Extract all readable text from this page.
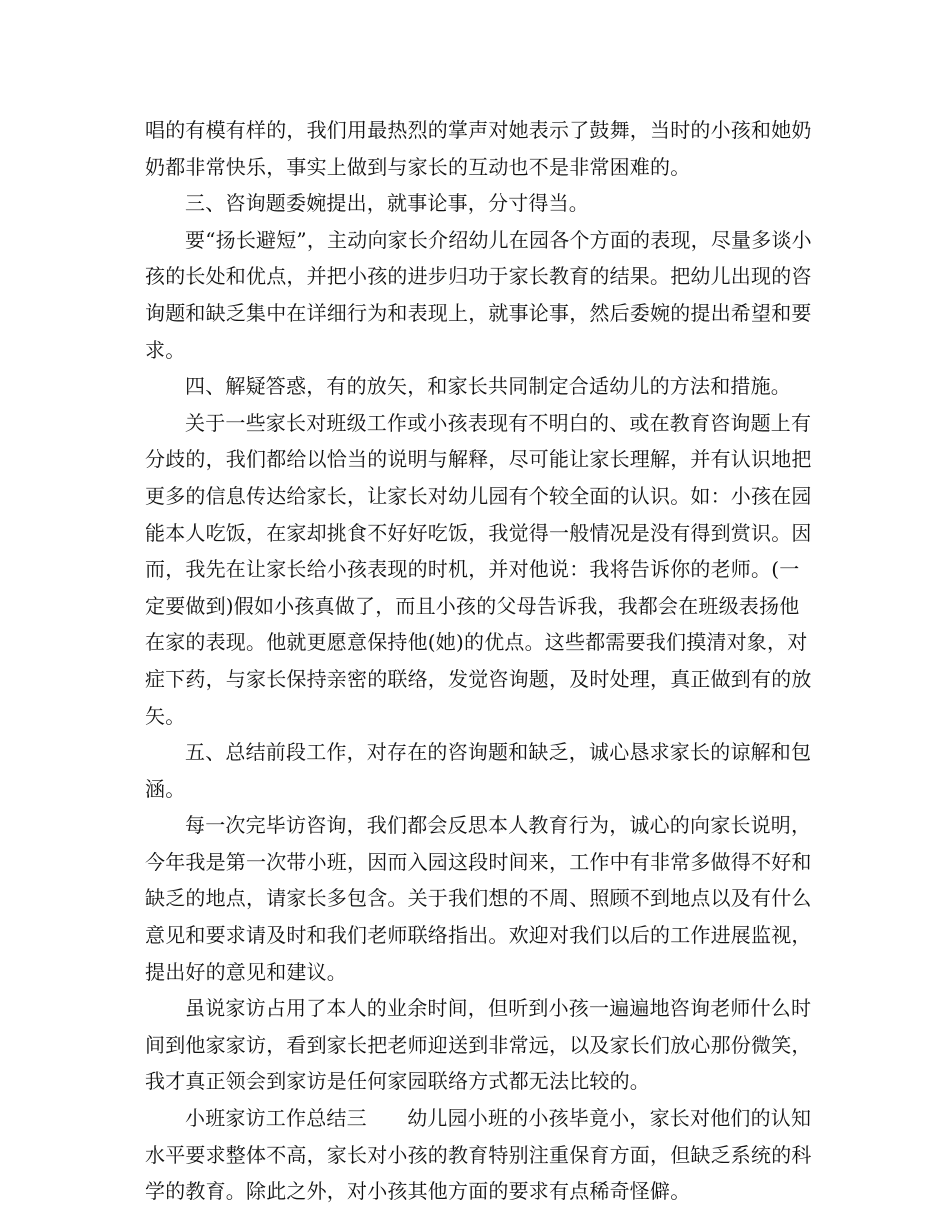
唱的有模有样的，我们用最热烈的掌声对她表示了鼓舞，当时的小孩和她奶奶都非常快乐，事实上做到与家长的互动也不是非常困难的。

三、咨询题委婉提出，就事论事，分寸得当。

要“扬长避短”，主动向家长介绍幼儿在园各个方面的表现，尽量多谈小孩的长处和优点，并把小孩的进步归功于家长教育的结果。把幼儿出现的咨询题和缺乏集中在详细行为和表现上，就事论事，然后委婉的提出希望和要求。

四、解疑答惑，有的放矢，和家长共同制定合适幼儿的方法和措施。

关于一些家长对班级工作或小孩表现有不明白的、或在教育咨询题上有分歧的，我们都给以恰当的说明与解释，尽可能让家长理解，并有认识地把更多的信息传达给家长，让家长对幼儿园有个较全面的认识。如：小孩在园能本人吃饭，在家却挑食不好好吃饭，我觉得一般情况是没有得到赏识。因而，我先在让家长给小孩表现的时机，并对他说：我将告诉你的老师。(一定要做到)假如小孩真做了，而且小孩的父母告诉我，我都会在班级表扬他在家的表现。他就更愿意保持他(她)的优点。这些都需要我们摸清对象，对症下药，与家长保持亲密的联络，发觉咨询题，及时处理，真正做到有的放矢。

五、总结前段工作，对存在的咨询题和缺乏，诚心恳求家长的谅解和包涵。

每一次完毕访咨询，我们都会反思本人教育行为，诚心的向家长说明，今年我是第一次带小班，因而入园这段时间来，工作中有非常多做得不好和缺乏的地点，请家长多包含。关于我们想的不周、照顾不到地点以及有什么意见和要求请及时和我们老师联络指出。欢迎对我们以后的工作进展监视，提出好的意见和建议。

虽说家访占用了本人的业余时间，但听到小孩一遍遍地咨询老师什么时间到他家家访，看到家长把老师迎送到非常远，以及家长们放心那份微笑，我才真正领会到家访是任何家园联络方式都无法比较的。

小班家访工作总结三　　幼儿园小班的小孩毕竟小，家长对他们的认知水平要求整体不高，家长对小孩的教育特别注重保育方面，但缺乏系统的科学的教育。除此之外，对小孩其他方面的要求有点稀奇怪僻。
